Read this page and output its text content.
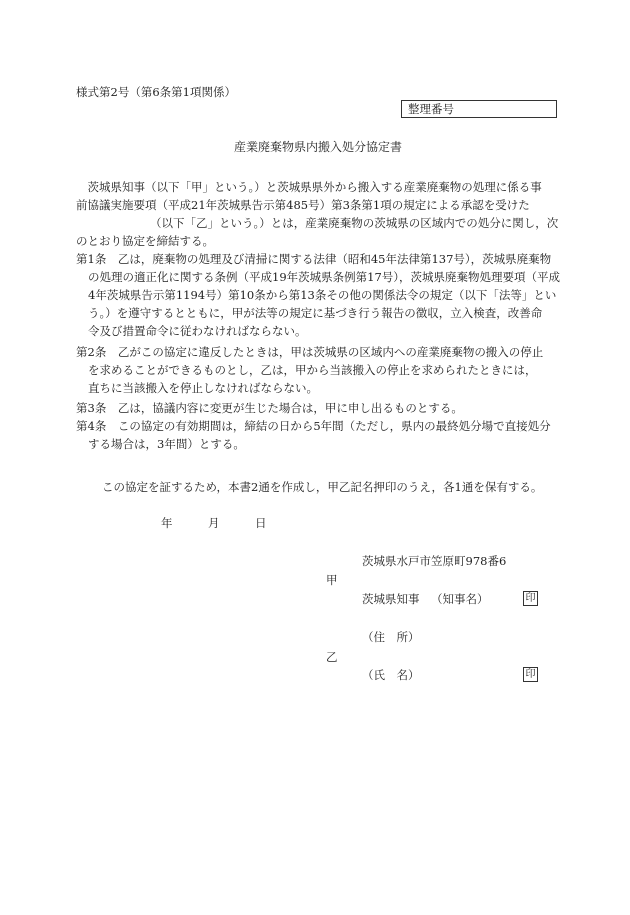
様式第2号（第6条第1項関係）
整理番号
産業廃棄物県内搬入処分協定書
　茨城県知事（以下「甲」という。）と茨城県県外から搬入する産業廃棄物の処理に係る事
前協議実施要項（平成21年茨城県告示第485号）第3条第1項の規定による承認を受けた
（以下「乙」という。）とは，産業廃棄物の茨城県の区域内での処分に関し，次
のとおり協定を締結する。
第1条　乙は，廃棄物の処理及び清掃に関する法律（昭和45年法律第137号），茨城県廃棄物
の処理の適正化に関する条例（平成19年茨城県条例第17号），茨城県廃棄物処理要項（平成
4年茨城県告示第1194号）第10条から第13条その他の関係法令の規定（以下「法等」とい
う。）を遵守するとともに，甲が法等の規定に基づき行う報告の徴収，立入検査，改善命
令及び措置命令に従わなければならない。
第2条　乙がこの協定に違反したときは，甲は茨城県の区域内への産業廃棄物の搬入の停止
を求めることができるものとし，乙は，甲から当該搬入の停止を求められたときには，
直ちに当該搬入を停止しなければならない。
第3条　乙は，協議内容に変更が生じた場合は，甲に申し出るものとする。
第4条　この協定の有効期間は，締結の日から5年間（ただし，県内の最終処分場で直接処分
する場合は，3年間）とする。
この協定を証するため，本書2通を作成し，甲乙記名押印のうえ，各1通を保有する。
年	月	日
茨城県水戸市笠原町978番6
甲
茨城県知事 （知事名）	印
（住　所）
乙
（氏　名）	印
